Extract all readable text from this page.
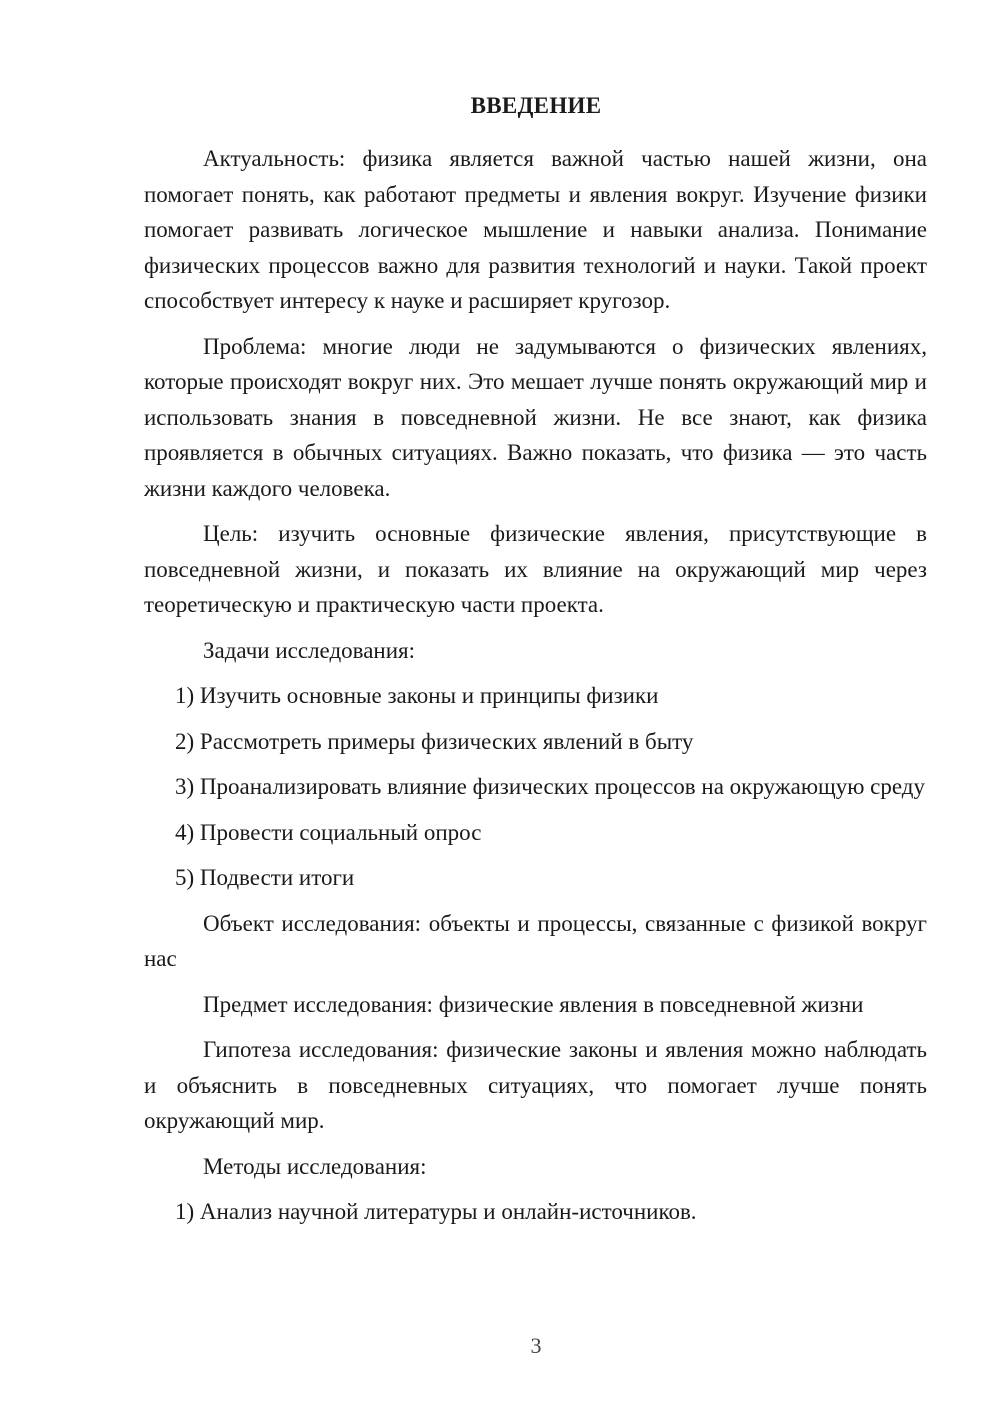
ВВЕДЕНИЕ

Актуальность: физика является важной частью нашей жизни, она помогает понять, как работают предметы и явления вокруг. Изучение физики помогает развивать логическое мышление и навыки анализа. Понимание физических процессов важно для развития технологий и науки. Такой проект способствует интересу к науке и расширяет кругозор.

Проблема: многие люди не задумываются о физических явлениях, которые происходят вокруг них. Это мешает лучше понять окружающий мир и использовать знания в повседневной жизни. Не все знают, как физика проявляется в обычных ситуациях. Важно показать, что физика — это часть жизни каждого человека.

Цель: изучить основные физические явления, присутствующие в повседневной жизни, и показать их влияние на окружающий мир через теоретическую и практическую части проекта.

Задачи исследования:

1) Изучить основные законы и принципы физики

2) Рассмотреть примеры физических явлений в быту

3) Проанализировать влияние физических процессов на окружающую среду

4) Провести социальный опрос

5) Подвести итоги

Объект исследования: объекты и процессы, связанные с физикой вокруг нас

Предмет исследования: физические явления в повседневной жизни

Гипотеза исследования: физические законы и явления можно наблюдать и объяснить в повседневных ситуациях, что помогает лучше понять окружающий мир.

Методы исследования:

1) Анализ научной литературы и онлайн-источников.

3
